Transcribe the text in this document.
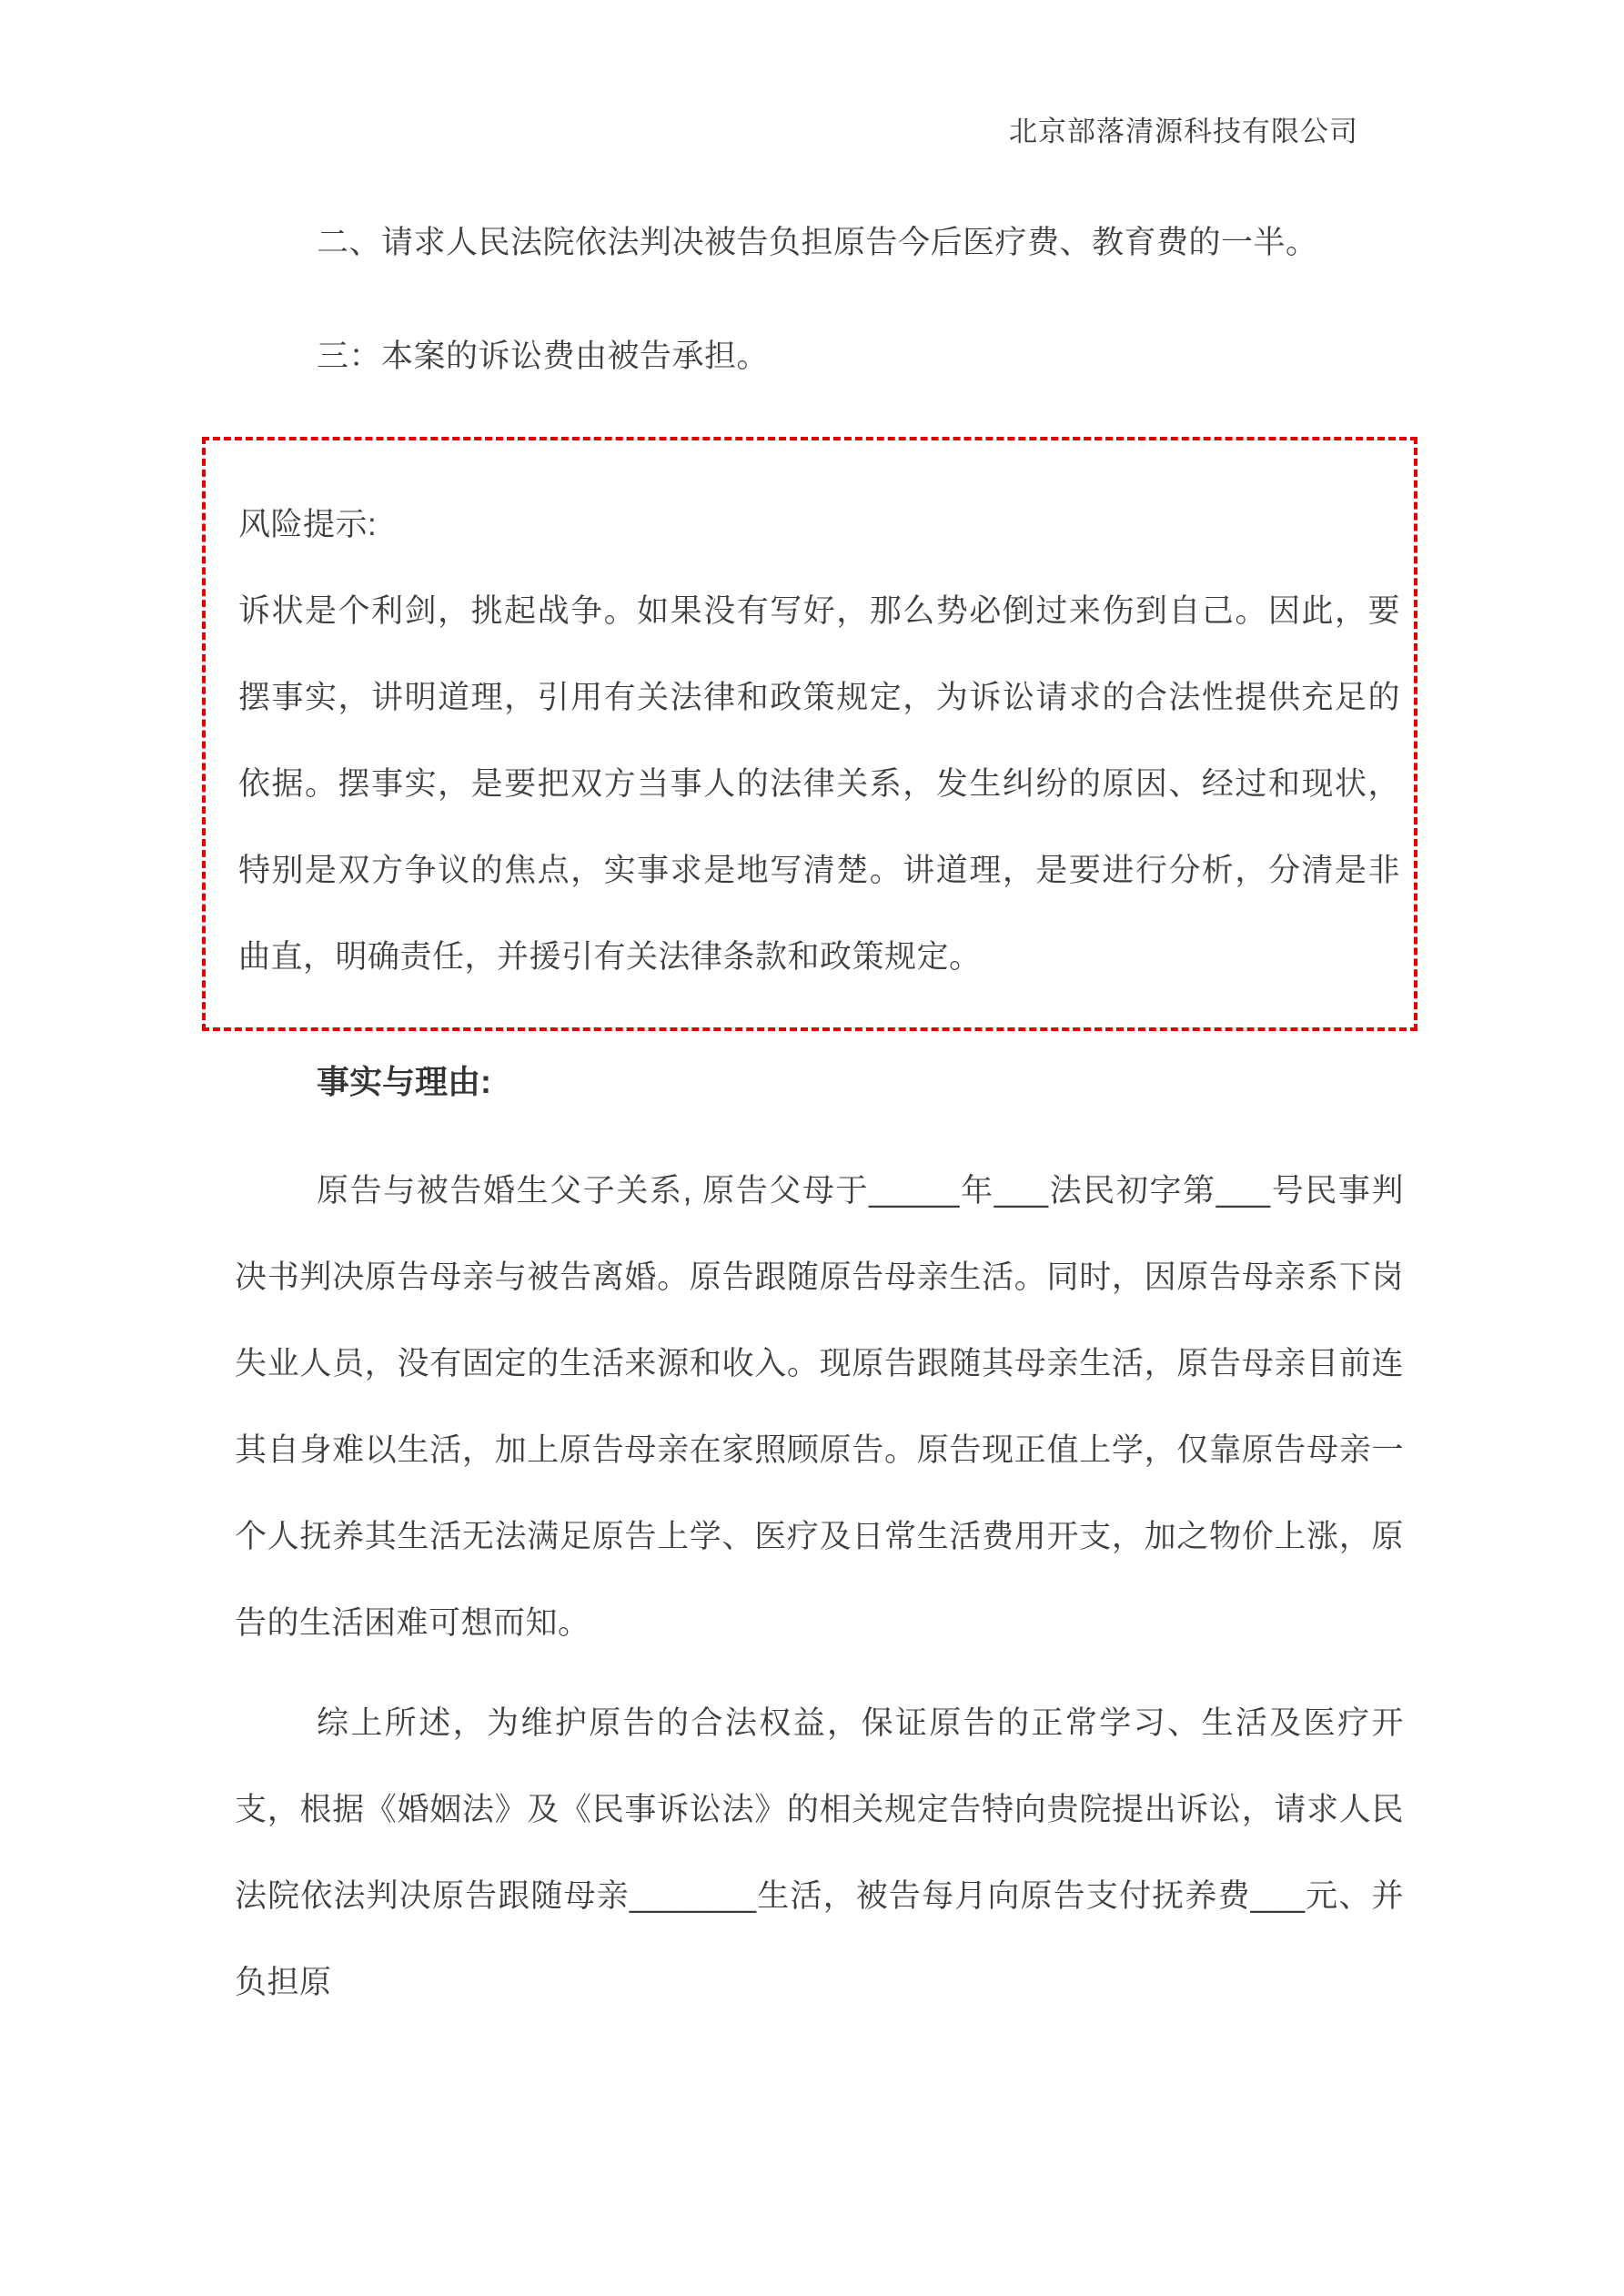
北京部落清源科技有限公司

二、请求人民法院依法判决被告负担原告今后医疗费、教育费的一半。

三：本案的诉讼费由被告承担。

风险提示:

诉状是个利剑，挑起战争。如果没有写好，那么势必倒过来伤到自己。因此，要摆事实，讲明道理，引用有关法律和政策规定，为诉讼请求的合法性提供充足的依据。摆事实，是要把双方当事人的法律关系，发生纠纷的原因、经过和现状，特别是双方争议的焦点，实事求是地写清楚。讲道理，是要进行分析，分清是非曲直，明确责任，并援引有关法律条款和政策规定。

事实与理由:

原告与被告婚生父子关系, 原告父母于_____年___法民初字第___号民事判决书判决原告母亲与被告离婚。原告跟随原告母亲生活。同时，因原告母亲系下岗失业人员，没有固定的生活来源和收入。现原告跟随其母亲生活，原告母亲目前连其自身难以生活，加上原告母亲在家照顾原告。原告现正值上学，仅靠原告母亲一个人抚养其生活无法满足原告上学、医疗及日常生活费用开支，加之物价上涨，原告的生活困难可想而知。

综上所述，为维护原告的合法权益，保证原告的正常学习、生活及医疗开支，根据《婚姻法》及《民事诉讼法》的相关规定告特向贵院提出诉讼，请求人民法院依法判决原告跟随母亲_______生活，被告每月向原告支付抚养费___元、并负担原
